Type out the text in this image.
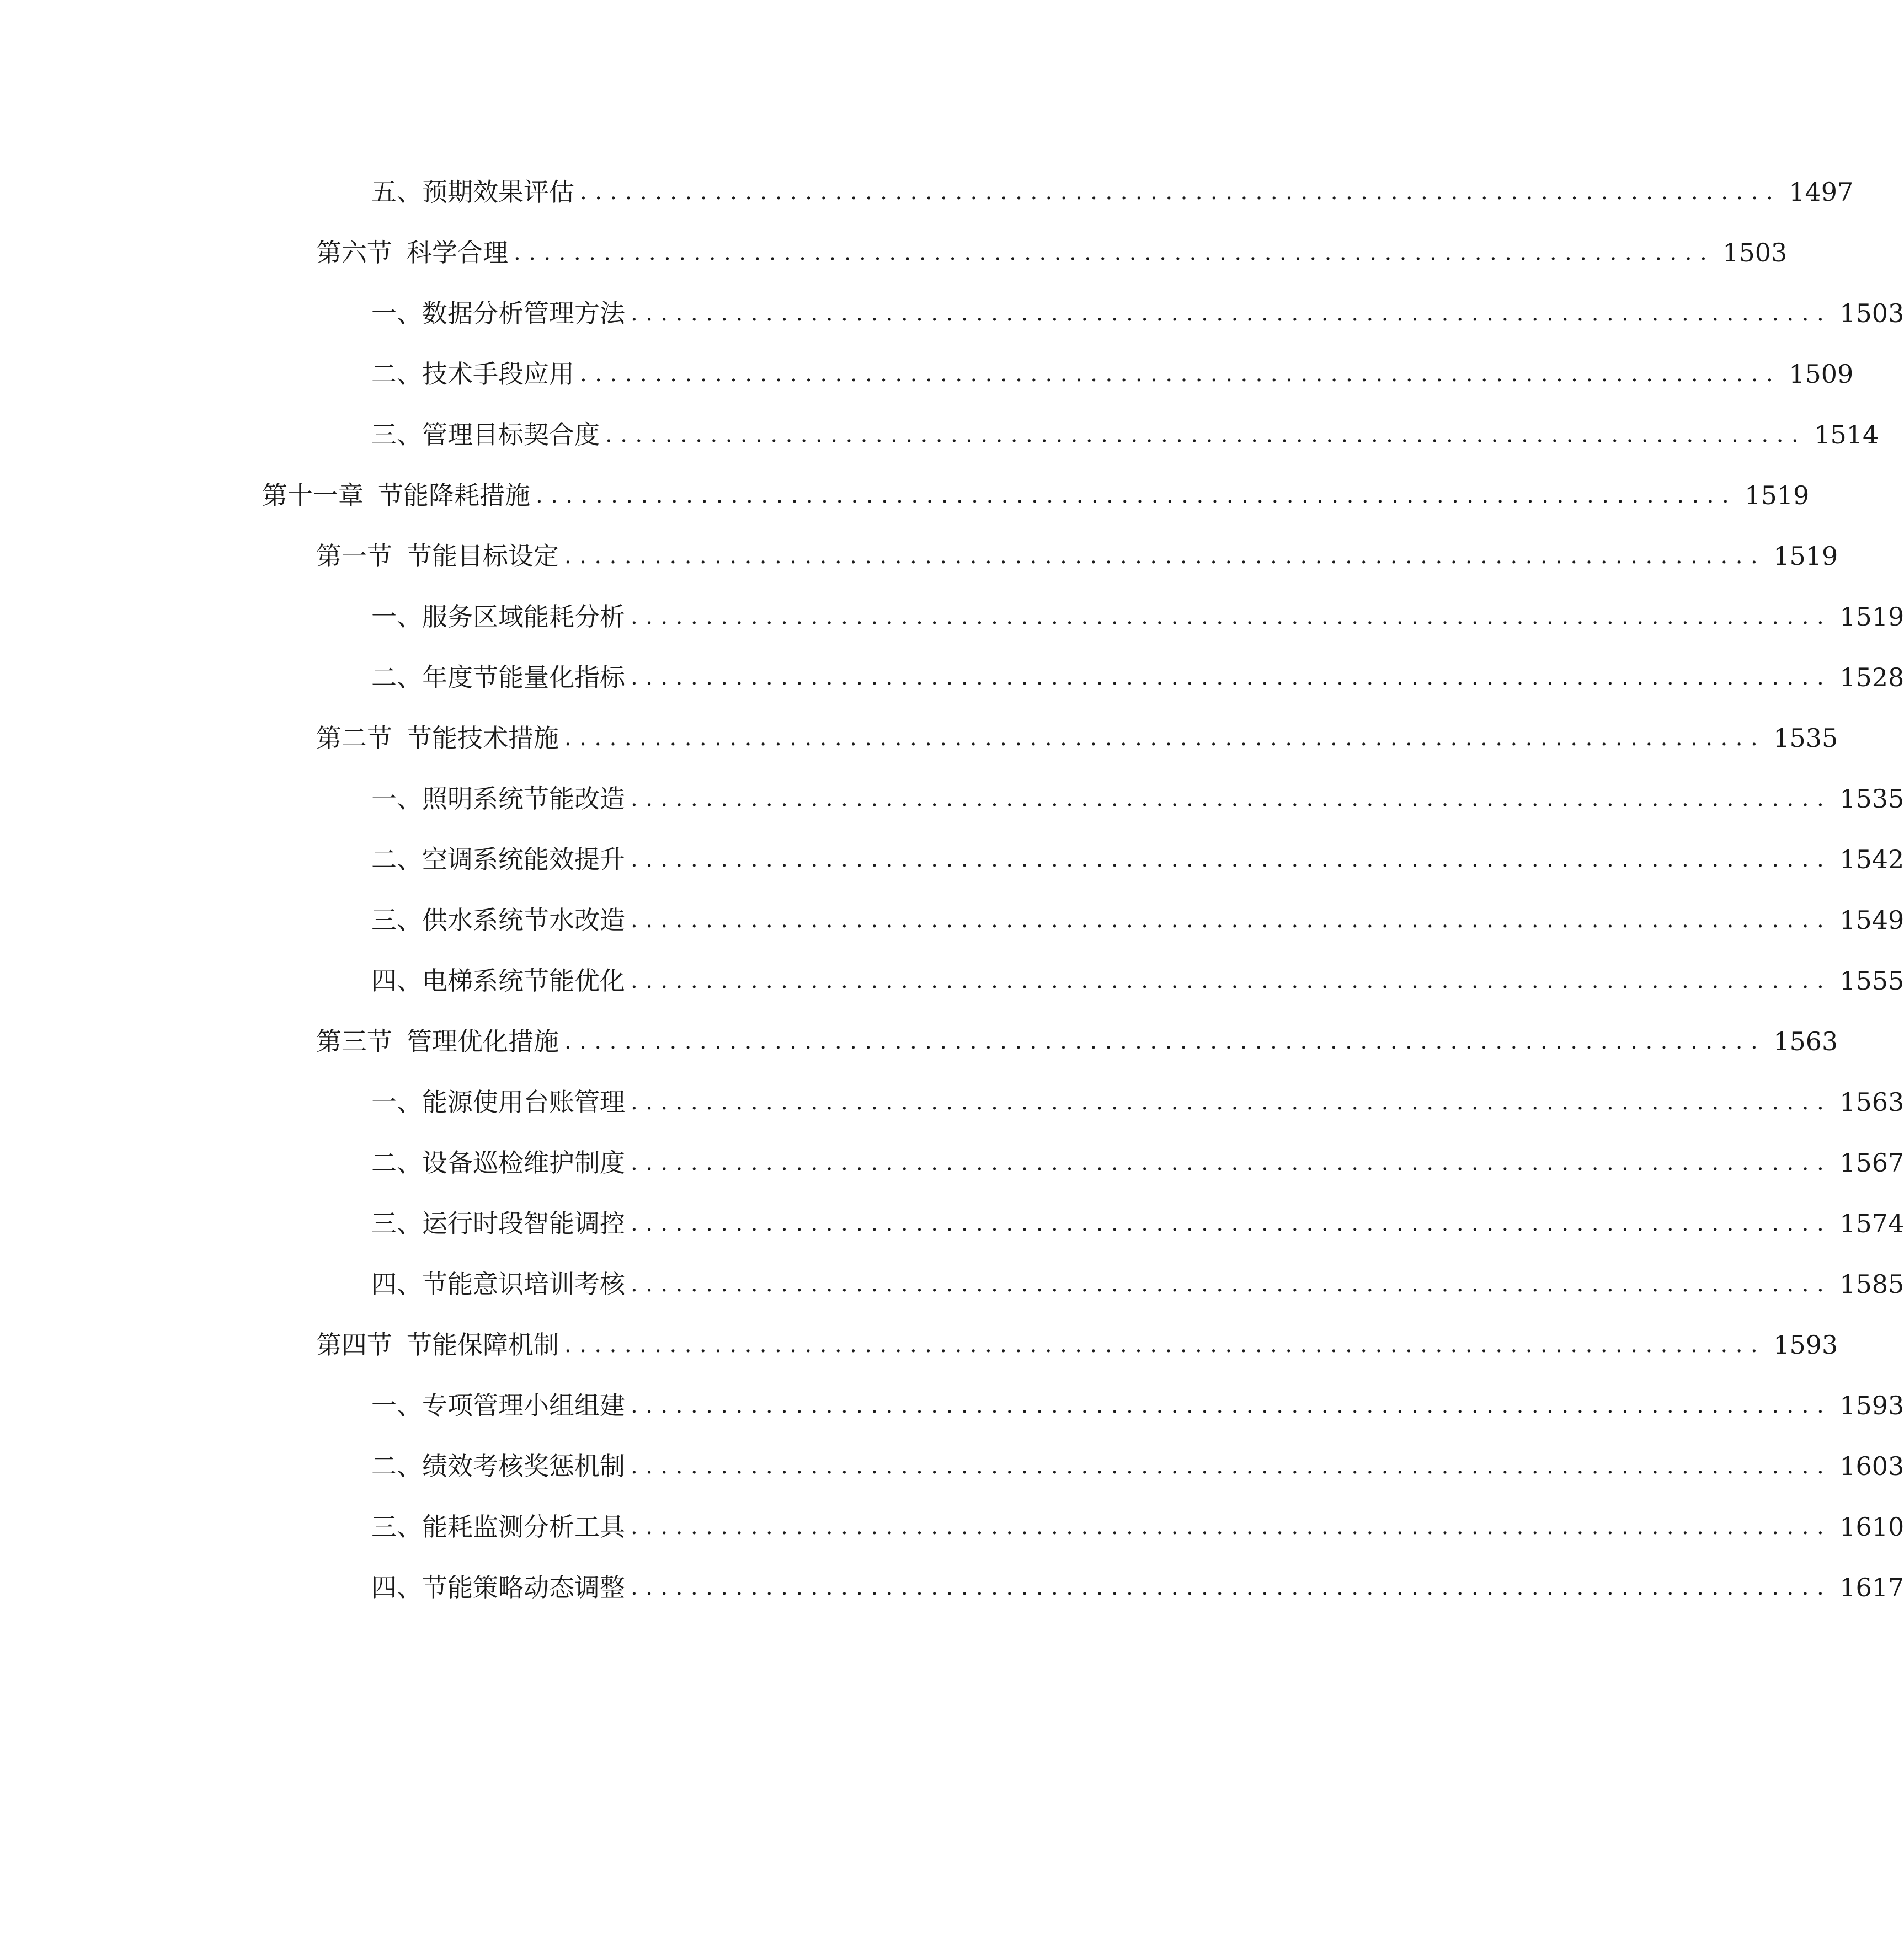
五、 预期效果评估 ................................................................................ 1497
第六节 科学合理 ................................................................................ 1503
一、 数据分析管理方法 ................................................................................ 1503
二、 技术手段应用 ................................................................................ 1509
三、 管理目标契合度 ................................................................................ 1514
第十一章 节能降耗措施 ................................................................................ 1519
第一节 节能目标设定 ................................................................................ 1519
一、 服务区域能耗分析 ................................................................................ 1519
二、 年度节能量化指标 ................................................................................ 1528
第二节 节能技术措施 ................................................................................ 1535
一、 照明系统节能改造 ................................................................................ 1535
二、 空调系统能效提升 ................................................................................ 1542
三、 供水系统节水改造 ................................................................................ 1549
四、 电梯系统节能优化 ................................................................................ 1555
第三节 管理优化措施 ................................................................................ 1563
一、 能源使用台账管理 ................................................................................ 1563
二、 设备巡检维护制度 ................................................................................ 1567
三、 运行时段智能调控 ................................................................................ 1574
四、 节能意识培训考核 ................................................................................ 1585
第四节 节能保障机制 ................................................................................ 1593
一、 专项管理小组组建 ................................................................................ 1593
二、 绩效考核奖惩机制 ................................................................................ 1603
三、 能耗监测分析工具 ................................................................................ 1610
四、 节能策略动态调整 ................................................................................ 1617
